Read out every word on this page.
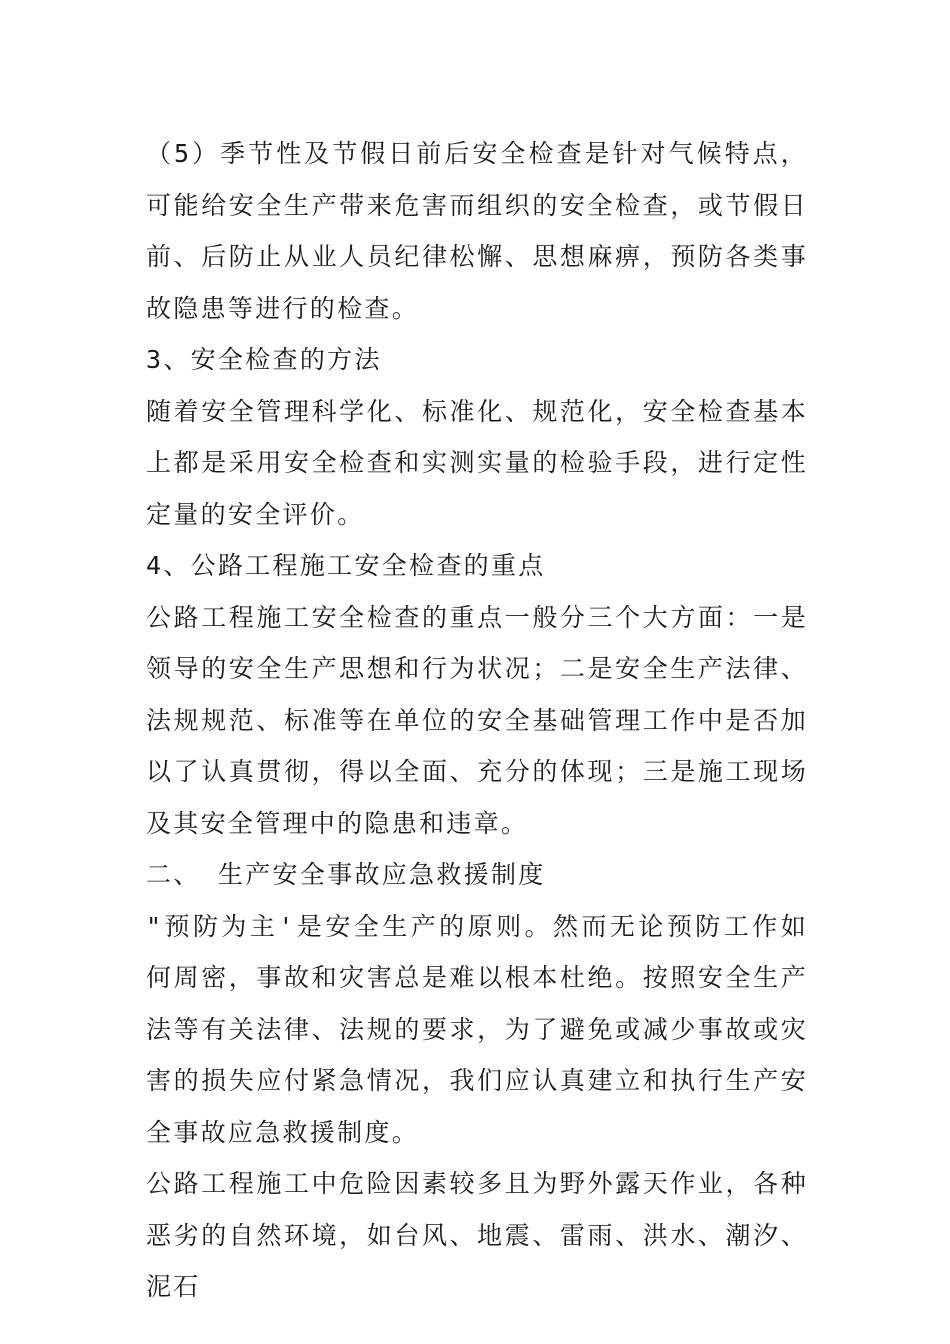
（5）季节性及节假日前后安全检查是针对气候特点，可能给安全生产带来危害而组织的安全检查，或节假日前、后防止从业人员纪律松懈、思想麻痹，预防各类事故隐患等进行的检查。

3、安全检查的方法

随着安全管理科学化、标准化、规范化，安全检查基本上都是采用安全检查和实测实量的检验手段，进行定性定量的安全评价。

4、公路工程施工安全检查的重点

公路工程施工安全检查的重点一般分三个大方面：一是领导的安全生产思想和行为状况；二是安全生产法律、法规规范、标准等在单位的安全基础管理工作中是否加以了认真贯彻，得以全面、充分的体现；三是施工现场及其安全管理中的隐患和违章。

二、 生产安全事故应急救援制度

"预防为主'是安全生产的原则。然而无论预防工作如何周密，事故和灾害总是难以根本杜绝。按照安全生产法等有关法律、法规的要求，为了避免或减少事故或灾害的损失应付紧急情况，我们应认真建立和执行生产安全事故应急救援制度。

公路工程施工中危险因素较多且为野外露天作业，各种恶劣的自然环境，如台风、地震、雷雨、洪水、潮汐、泥石
